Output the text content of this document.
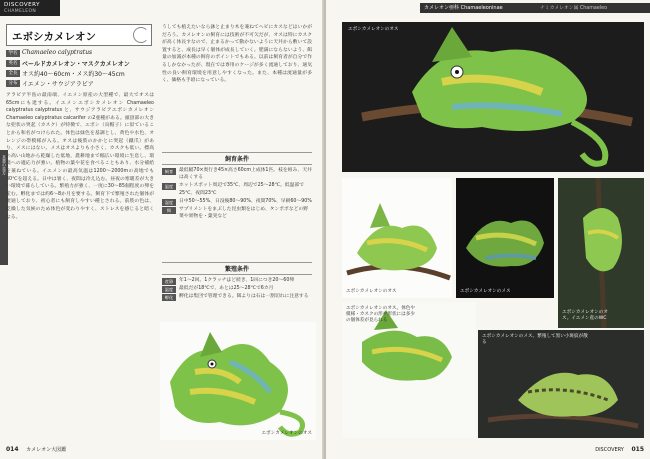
DISCOVERY
CHAMELEON
本書の見方
エボシカメレオン
学名 Chamaeleo calyptratus
英名 ベールドカメレオン・マスクカメレオン
全長 オス約40〜60cm・メス約30〜45cm
分布 イエメン・サウジアラビア

アラビア半島の最南端、イエメン原産の大型種で、最大でオスは65cmにも達する。イエメンエボシカメレオン Chamaeleo calyptratus calyptratus と、サウジアラビアエボシカメレオン Chamaeleo calyptratus calcarifer の2亜種がある。頭頂部の大きな兜状の突起（カスク）が特徴で、エボシ（烏帽子）に似ていることから和名がつけられた。体色は緑色を基調とし、黄色や水色、オレンジの帯模様が入る。オスは後肢のかかとに突起（蹴爪）があり、メスにはない。メスはオスよりも小さく、カスクも低い。標高の高い山地から乾燥した低地、農耕地まで幅広い環境に生息し、環境への適応力が強い。植物の葉や花を食べることもあり、水分補給を兼ねている。イエメンの最高気温は1200〜2000mの高地でも30℃を超える。日中は暑く、夜間は冷え込む。昼夜の寒暖差が大きい環境で暮らしている。繁殖力が強く、一度に30〜85個程度の卵を産む。孵化までは約6〜8か月を要する。飼育下で繁殖された個体が流通しており、初心者にも飼育しやすい種とされる。前肢の色は、乾燥した気候のため体色が変わりやすく、ストレスを感じると暗くなる。

うしても植えたいなら鉢と止まり木を兼ねてヘビにカスなどはいかがだろう。カメレオンの飼育には技術が不可欠だが、オスは特にカスクが高く体長すなので、止まるかって動かないように天井から敷いて設置すると、成長は早く個体が成長していく。肥満にならないよう、餌量の加減が本種の飼育のポイントでもある。以前は飼育者が自分で作るしかなかったが、現在では専用のケージが多く流通しており、通気性の良い飼育環境を用意しやすくなった。また、本種は流通量が多く、価格も手頃になっている。

飼育条件
飼育	最低幅70×奥行き45×高さ60cm上成体1匹。枝を組み、天井は高くする
温度	ホットスポット周辺で35℃、周辺で25〜28℃。低温部で25℃、夜間23℃
湿度	日中50〜55%、日没後80〜90%、夜間70%、早朝60〜90%
餌	サプリメントをまぶした昆虫類をはじめ、タンポポなどの野菜や果物を・葉実など
繁殖条件
産卵	年1〜2回。1クラッチほど続き、1回につき20〜60卵
温度	最低だが18℃で、あとは25〜28℃で6カ月
孵化	孵化は集団で管理できる。餌よりは石は一割切れに注意する
エボシカメレオンのオス
014 カメレオン大図鑑
カメレオン亜科 Chamaeleoninae	ナミカメレオン属 Chamaeleo
エボシカメレオンのオス
エボシカメレオンのオス	エボシカメレオンのメス
エボシカメレオンのオス。イエメン産のWC
エボシカメレオンのオス。体色や模様・カスクの形や形状には多少の個体差が見られる
エボシカメレオンのメス。繁殖して黒い小斑紋が散る
DISCOVERY 015
